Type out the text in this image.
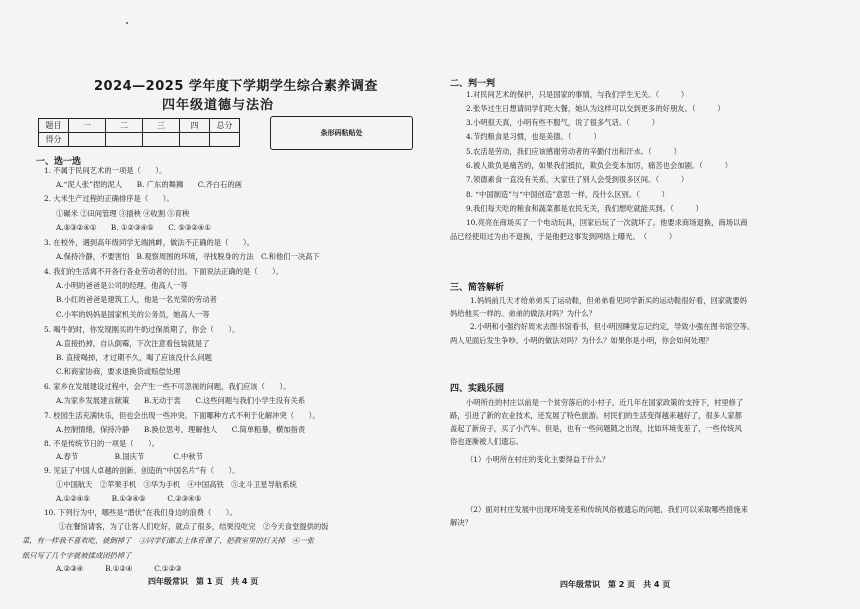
2024—2025 学年度下学期学生综合素养调查
四年级道德与法治
题目	一	二	三	四	总分
得分					
条形码粘贴处
一、选一选
1. 不属于民间艺术的一项是（　　）。
A.“泥人张”捏的泥人　　B. 广东的舞狮　　C.齐白石的画
2. 大米生产过程的正确排序是（　　）。
①碾米 ②田间管理 ③插秧 ④收割 ⑤育秧
A.⑤③②④①　　B. ①②③④⑤　　C. ⑤③②④①
3. 在校外，遇到高年级同学无端挑衅，做法不正确的是（　　）。
A.保持冷静，不要害怕　B.观察周围的环境，寻找脱身的方法　C.和他们一决高下
4. 我们的生活离不开各行各业劳动者的付出。下面说法正确的是（　　）。
A.小明的爸爸是公司的经理，他高人一等
B.小红的爸爸是建筑工人，他是一名光荣的劳动者
C.小军的妈妈是国家机关的公务员，她高人一等
5. 喝牛奶时，你发现刚买的牛奶过保质期了，你会（　　）。
A.直接扔掉，自认倒霉，下次注意看包装就是了
B. 直接喝掉，才过期不久，喝了应该没什么问题
C.和商家协商，要求退换货或赔偿处理
6. 家乡在发展建设过程中，会产生一些不可忽视的问题，我们应该（　　）。
A.为家乡发展建言献策　　B.无动于衷　　C.这些问题与我们小学生没有关系
7. 校园生活充满快乐，但也会出现一些冲突。下面哪种方式不利于化解冲突（　　）。
A.控制情绪，保持冷静　　B.换位思考，理解他人　　C.简单粗暴，横加指责
8. 不是传统节日的一项是（　　）。
A.春节　　　　　B.国庆节　　　　C.中秋节
9. 见证了中国人卓越的创新、创造的“中国名片”有（　　）。
①中国航天　②苹果手机　③华为手机　④中国高铁　⑤北斗卫星导航系统
A.①②④⑤　　　B.①③④⑤　　　C.②③④⑤
10. 下列行为中，哪些是“潜伏”在我们身边的浪费（　　）。
　　①在餐馆请客，为了让客人们吃好，就点了很多，结果没吃完　②今天食堂提供的饭
菜，有一样我不喜欢吃，就倒掉了　③同学们都去上体育课了，把教室里的灯关掉　④一张
纸只写了几个字就被揉成团扔掉了
A.②③④　　　B.①②④　　　C.①②③
四年级常识　第 1 页　共 4 页
二、判一判
1.对民间艺术的保护，只是国家的事情，与我们学生无关。（　　　）
2.张华过生日想请同学们吃大餐，她认为这样可以交到更多的好朋友。（　　　）
3.小明很天真，小明有些不服气，说了很多气话。（　　　）
4.节约粮食是习惯，也是美德。（　　　）
5.农活是劳动，我们应该感谢劳动者的辛勤付出和汗水。（　　　）
6.被人欺负是痛苦的，如果我们抵抗，欺负会变本加厉，痛苦也会加剧。（　　　）
7.领德素食一直没有关系，大家往了别人会受到很多区间。（　　　）
8. “中国制造”与“中国创造”意思一样，没什么区别。（　　　）
9.我们每天吃的粮食和蔬菜都是农民无关，我们想吃就能买到。（　　　）
10.亮亮在商场买了一个电动玩具，回家后玩了一次就坏了。他要求商场退换，商场以商
品已经使用过为由不退换，于是他把这事发到网络上曝光。　（　　　）
三、简答解析
1.妈妈前几天才给弟弟买了运动鞋，但弟弟看见同学新买的运动鞋很好看，回家就要妈
妈给他买一样的。弟弟的做法对吗？为什么？
2.小明和小强约好周末去图书馆看书，但小明因睡觉忘记约定，导致小强在图书馆空等。
两人见面后发生争吵。小明的做法对吗？为什么？如果你是小明，你会如何处理？
四、实践乐园
小明所在的村庄以前是一个贫穷落后的小村子，近几年在国家政策的支持下，村里修了
路，引进了新的农业技术，还发展了特色旅游。村民们的生活变得越来越好了，很多人家都
盖起了新房子，买了小汽车。但是，也有一些问题随之出现，比如环境变差了，一些传统风
俗也逐渐被人们遗忘。
（1）小明所在村庄的变化主要得益于什么？
（2）面对村庄发展中出现环境变差和传统风俗被遗忘的问题，我们可以采取哪些措施来
解决？
四年级常识　第 2 页　共 4 页
